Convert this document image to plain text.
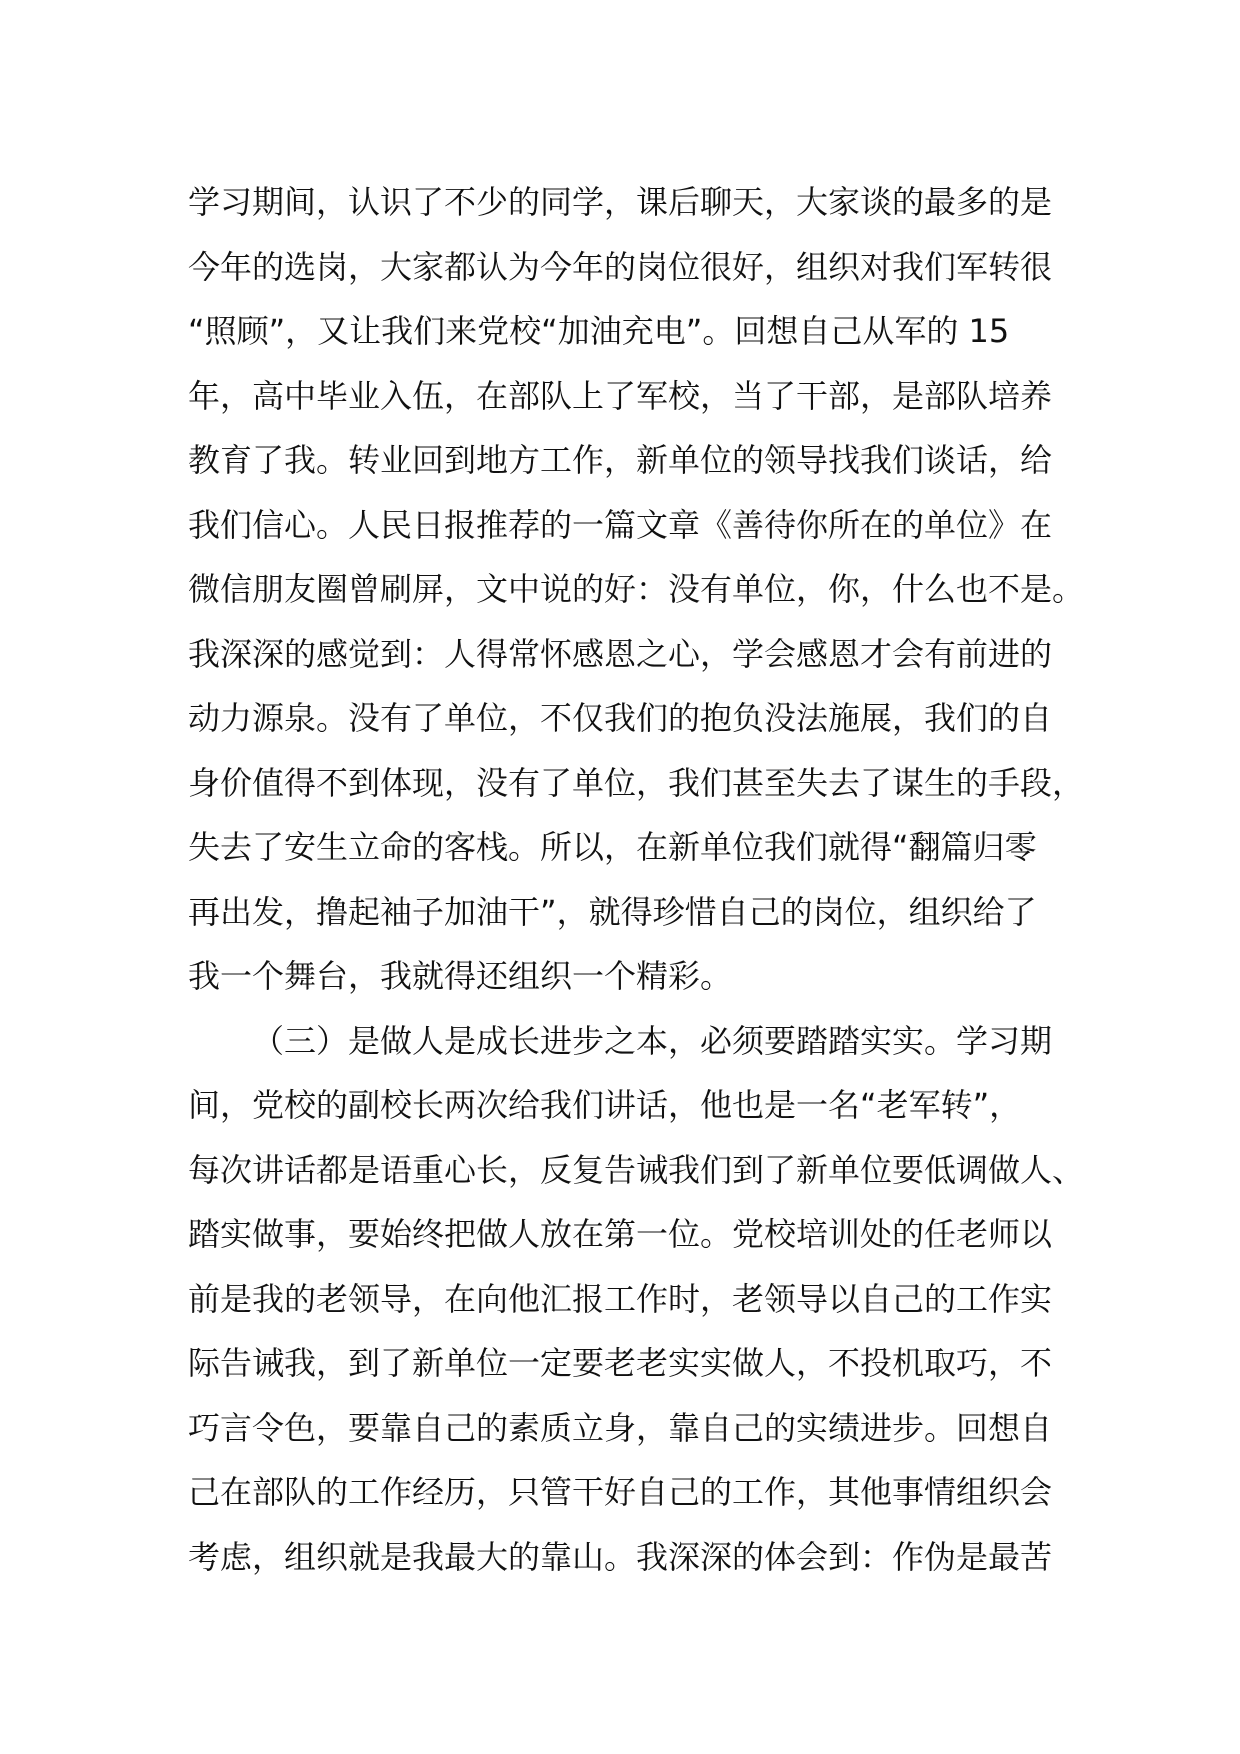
学习期间，认识了不少的同学，课后聊天，大家谈的最多的是
今年的选岗，大家都认为今年的岗位很好，组织对我们军转很
“照顾”，又让我们来党校“加油充电”。回想自己从军的 15
年，高中毕业入伍，在部队上了军校，当了干部，是部队培养
教育了我。转业回到地方工作，新单位的领导找我们谈话，给
我们信心。人民日报推荐的一篇文章《善待你所在的单位》在
微信朋友圈曾刷屏，文中说的好：没有单位，你，什么也不是。
我深深的感觉到：人得常怀感恩之心，学会感恩才会有前进的
动力源泉。没有了单位，不仅我们的抱负没法施展，我们的自
身价值得不到体现，没有了单位，我们甚至失去了谋生的手段，
失去了安生立命的客栈。所以，在新单位我们就得“翻篇归零
再出发，撸起袖子加油干”，就得珍惜自己的岗位，组织给了
我一个舞台，我就得还组织一个精彩。
（三）是做人是成长进步之本，必须要踏踏实实。学习期
间，党校的副校长两次给我们讲话，他也是一名“老军转”，
每次讲话都是语重心长，反复告诫我们到了新单位要低调做人、
踏实做事，要始终把做人放在第一位。党校培训处的任老师以
前是我的老领导，在向他汇报工作时，老领导以自己的工作实
际告诫我，到了新单位一定要老老实实做人，不投机取巧，不
巧言令色，要靠自己的素质立身，靠自己的实绩进步。回想自
己在部队的工作经历，只管干好自己的工作，其他事情组织会
考虑，组织就是我最大的靠山。我深深的体会到：作伪是最苦
